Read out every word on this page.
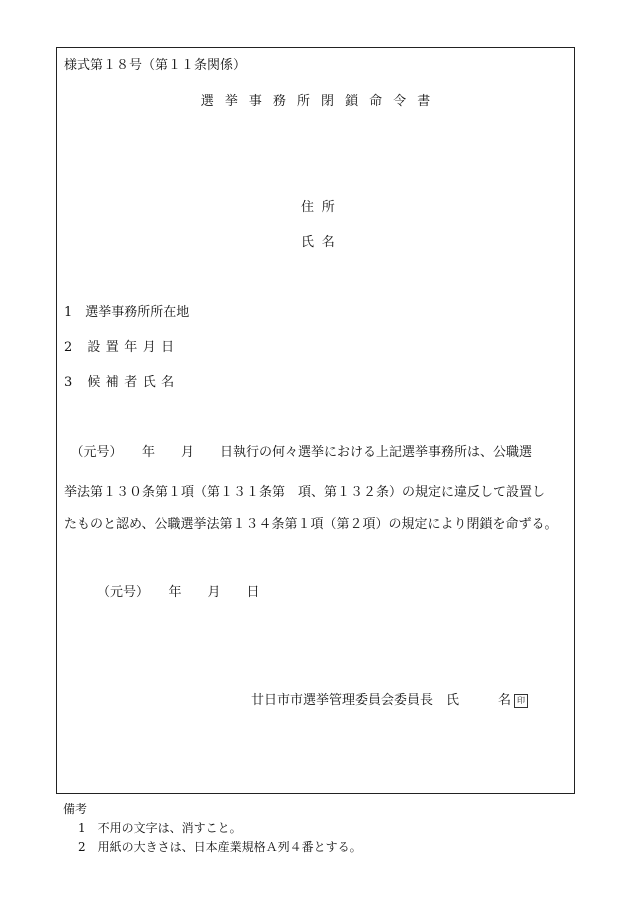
様式第１８号（第１１条関係）
選挙事務所閉鎖命令書
住所
氏名
1　選挙事務所所在地
2 設置年月日
3 候補者氏名
　（元号）　　年　　月　　日執行の何々選挙における上記選挙事務所は、公職選
挙法第１３０条第１項（第１３１条第　項、第１３２条）の規定に違反して設置し
たものと認め、公職選挙法第１３４条第１項（第２項）の規定により閉鎖を命ずる。
（元号）　　年　　月　　日
廿日市市選挙管理委員会委員長　氏　　　名 印
備考
1　不用の文字は、消すこと。
2　用紙の大きさは、日本産業規格Ａ列４番とする。
